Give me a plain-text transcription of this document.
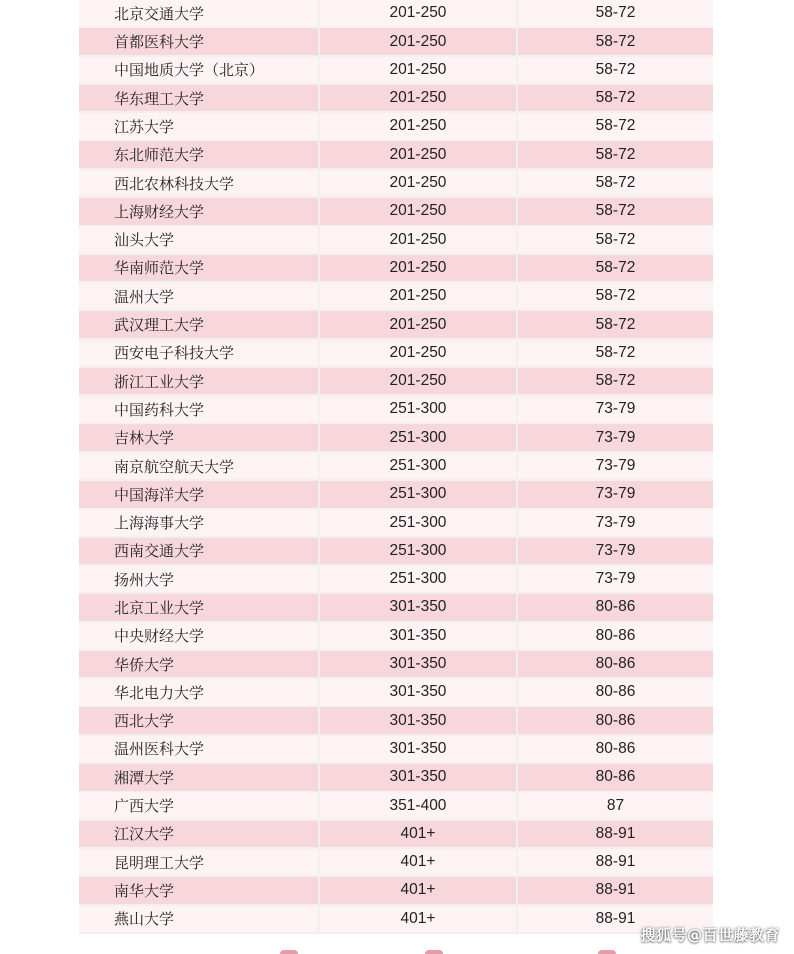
北京交通大学	201-250	58-72
首都医科大学	201-250	58-72
中国地质大学（北京）	201-250	58-72
华东理工大学	201-250	58-72
江苏大学	201-250	58-72
东北师范大学	201-250	58-72
西北农林科技大学	201-250	58-72
上海财经大学	201-250	58-72
汕头大学	201-250	58-72
华南师范大学	201-250	58-72
温州大学	201-250	58-72
武汉理工大学	201-250	58-72
西安电子科技大学	201-250	58-72
浙江工业大学	201-250	58-72
中国药科大学	251-300	73-79
吉林大学	251-300	73-79
南京航空航天大学	251-300	73-79
中国海洋大学	251-300	73-79
上海海事大学	251-300	73-79
西南交通大学	251-300	73-79
扬州大学	251-300	73-79
北京工业大学	301-350	80-86
中央财经大学	301-350	80-86
华侨大学	301-350	80-86
华北电力大学	301-350	80-86
西北大学	301-350	80-86
温州医科大学	301-350	80-86
湘潭大学	301-350	80-86
广西大学	351-400	87
江汉大学	401+	88-91
昆明理工大学	401+	88-91
南华大学	401+	88-91
燕山大学	401+	88-91
搜狐号@百世藤教育
